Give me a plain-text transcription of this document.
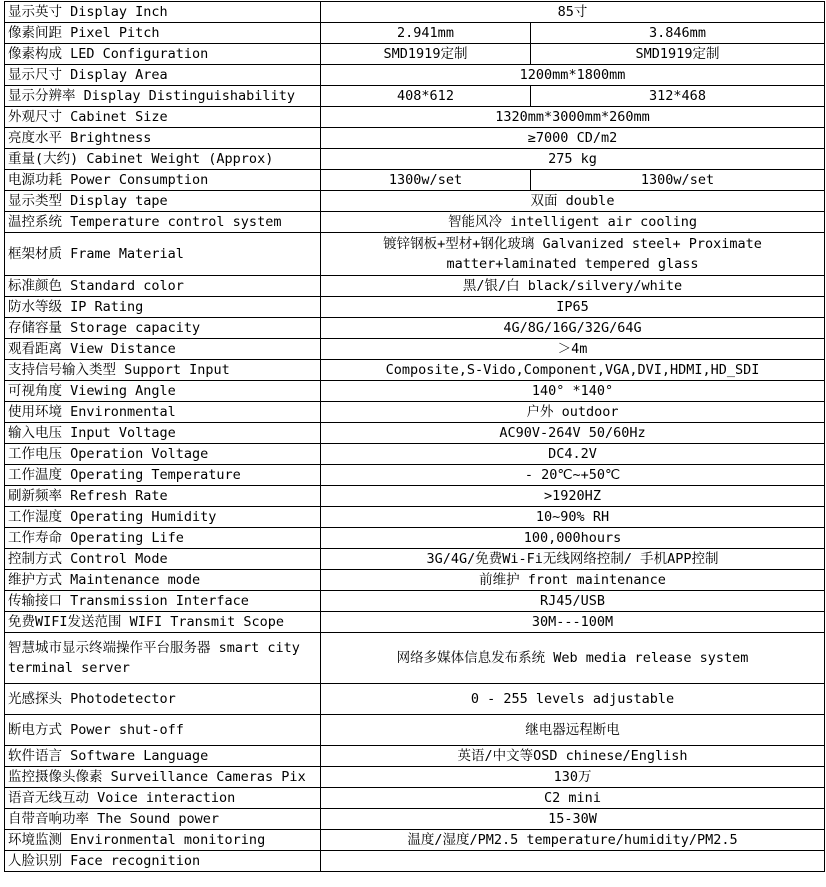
显示英寸 Display Inch	85寸	
像素间距 Pixel Pitch	2.941mm	3.846mm
像素构成 LED Configuration	SMD1919定制	SMD1919定制
显示尺寸 Display Area	1200mm*1800mm	
显示分辨率 Display Distinguishability	408*612	312*468
外观尺寸 Cabinet Size	1320mm*3000mm*260mm	
亮度水平 Brightness	≥7000 CD/m2	
重量(大约) Cabinet Weight (Approx)	275 kg	
电源功耗 Power Consumption	1300w/set	1300w/set
显示类型 Display tape	双面 double	
温控系统 Temperature control system	智能风冷 intelligent air cooling	
框架材质 Frame Material	镀锌钢板+型材+钢化玻璃 Galvanized steel+ Proximate matter+laminated tempered glass	
标准颜色 Standard color	黑/银/白 black/silvery/white	
防水等级 IP Rating	IP65	
存储容量 Storage capacity	4G/8G/16G/32G/64G	
观看距离 View Distance	＞4m	
支持信号输入类型 Support Input	Composite,S-Vido,Component,VGA,DVI,HDMI,HD_SDI	
可视角度 Viewing Angle	140° *140°	
使用环境 Environmental	户外 outdoor	
输入电压 Input Voltage	AC90V-264V 50/60Hz	
工作电压 Operation Voltage	DC4.2V	
工作温度 Operating Temperature	- 20℃~+50℃	
刷新频率 Refresh Rate	>1920HZ	
工作湿度 Operating Humidity	10~90% RH	
工作寿命 Operating Life	100,000hours	
控制方式 Control Mode	3G/4G/免费Wi-Fi无线网络控制/ 手机APP控制	
维护方式 Maintenance mode	前维护 front maintenance	
传输接口 Transmission Interface	RJ45/USB	
免费WIFI发送范围 WIFI Transmit Scope	30M---100M	
智慧城市显示终端操作平台服务器 smart city terminal server	网络多媒体信息发布系统 Web media release system	
光感探头 Photodetector	0 - 255 levels adjustable	
断电方式 Power shut-off	继电器远程断电	
软件语言 Software Language	英语/中文等OSD chinese/English	
监控摄像头像素 Surveillance Cameras Pix	130万	
语音无线互动 Voice interaction	C2 mini	
自带音响功率 The Sound power	15-30W	
环境监测 Environmental monitoring	温度/湿度/PM2.5 temperature/humidity/PM2.5	
人脸识别 Face recognition		
